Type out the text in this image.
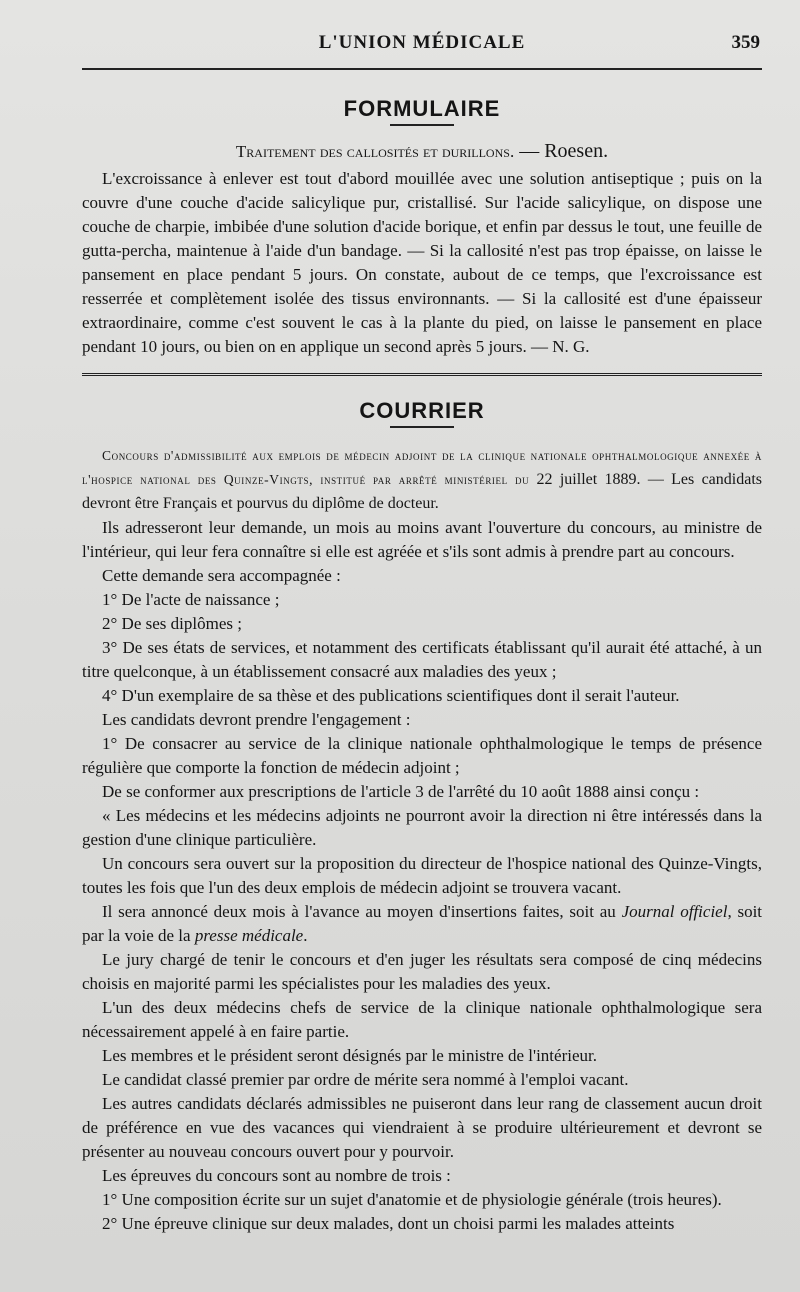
L'UNION MÉDICALE	359
FORMULAIRE
Traitement des callosités et durillons. — Roesen.

L'excroissance à enlever est tout d'abord mouillée avec une solution antiseptique ; puis on la couvre d'une couche d'acide salicylique pur, cristallisé. Sur l'acide salicylique, on dispose une couche de charpie, imbibée d'une solution d'acide borique, et enfin par dessus le tout, une feuille de gutta-percha, maintenue à l'aide d'un bandage. — Si la callosité n'est pas trop épaisse, on laisse le pansement en place pendant 5 jours. On constate, aubout de ce temps, que l'excroissance est resserrée et complètement isolée des tissus environnants. — Si la callosité est d'une épaisseur extraordinaire, comme c'est souvent le cas à la plante du pied, on laisse le pansement en place pendant 10 jours, ou bien on en applique un second après 5 jours. — N. G.

COURRIER

Concours d'admissibilité aux emplois de médecin adjoint de la clinique nationale ophthalmologique annexée à l'hospice national des Quinze-Vingts, institué par arrêté ministériel du 22 juillet 1889. — Les candidats devront être Français et pourvus du diplôme de docteur.

Ils adresseront leur demande, un mois au moins avant l'ouverture du concours, au ministre de l'intérieur, qui leur fera connaître si elle est agréée et s'ils sont admis à prendre part au concours.

Cette demande sera accompagnée :

1° De l'acte de naissance ;

2° De ses diplômes ;

3° De ses états de services, et notamment des certificats établissant qu'il aurait été attaché, à un titre quelconque, à un établissement consacré aux maladies des yeux ;

4° D'un exemplaire de sa thèse et des publications scientifiques dont il serait l'auteur.

Les candidats devront prendre l'engagement :

1° De consacrer au service de la clinique nationale ophthalmologique le temps de présence régulière que comporte la fonction de médecin adjoint ;

De se conformer aux prescriptions de l'article 3 de l'arrêté du 10 août 1888 ainsi conçu :

« Les médecins et les médecins adjoints ne pourront avoir la direction ni être intéressés dans la gestion d'une clinique particulière.

Un concours sera ouvert sur la proposition du directeur de l'hospice national des Quinze-Vingts, toutes les fois que l'un des deux emplois de médecin adjoint se trouvera vacant.

Il sera annoncé deux mois à l'avance au moyen d'insertions faites, soit au Journal officiel, soit par la voie de la presse médicale.

Le jury chargé de tenir le concours et d'en juger les résultats sera composé de cinq médecins choisis en majorité parmi les spécialistes pour les maladies des yeux.

L'un des deux médecins chefs de service de la clinique nationale ophthalmologique sera nécessairement appelé à en faire partie.

Les membres et le président seront désignés par le ministre de l'intérieur.

Le candidat classé premier par ordre de mérite sera nommé à l'emploi vacant.

Les autres candidats déclarés admissibles ne puiseront dans leur rang de classement aucun droit de préférence en vue des vacances qui viendraient à se produire ultérieurement et devront se présenter au nouveau concours ouvert pour y pourvoir.

Les épreuves du concours sont au nombre de trois :

1° Une composition écrite sur un sujet d'anatomie et de physiologie générale (trois heures).

2° Une épreuve clinique sur deux malades, dont un choisi parmi les malades atteints
